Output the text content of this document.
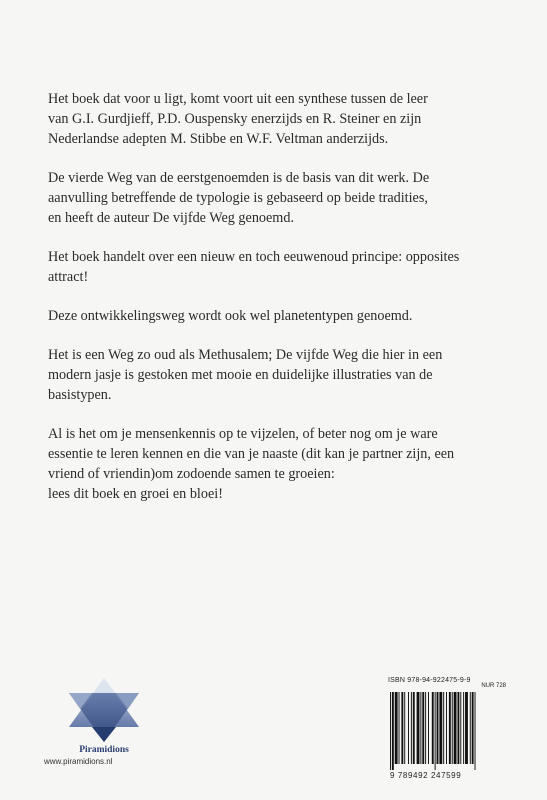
Het boek dat voor u ligt, komt voort uit een synthese tussen de leer
van G.I. Gurdjieff, P.D. Ouspensky enerzijds en R. Steiner en zijn
Nederlandse adepten M. Stibbe en W.F. Veltman anderzijds.

De vierde Weg van de eerstgenoemden is de basis van dit werk. De
aanvulling betreffende de typologie is gebaseerd op beide tradities,
en heeft de auteur De vijfde Weg genoemd.

Het boek handelt over een nieuw en toch eeuwenoud principe: opposites
attract!

Deze ontwikkelingsweg wordt ook wel planetentypen genoemd.

Het is een Weg zo oud als Methusalem; De vijfde Weg die hier in een
modern jasje is gestoken met mooie en duidelijke illustraties van de
basistypen.

Al is het om je mensenkennis op te vijzelen, of beter nog om je ware
essentie te leren kennen en die van je naaste (dit kan je partner zijn, een
vriend of vriendin)om zodoende samen te groeien:
lees dit boek en groei en bloei!

Piramidions
www.piramidions.nl
ISBN 978-94-922475-9-9
NUR 728
9 789492 247599
